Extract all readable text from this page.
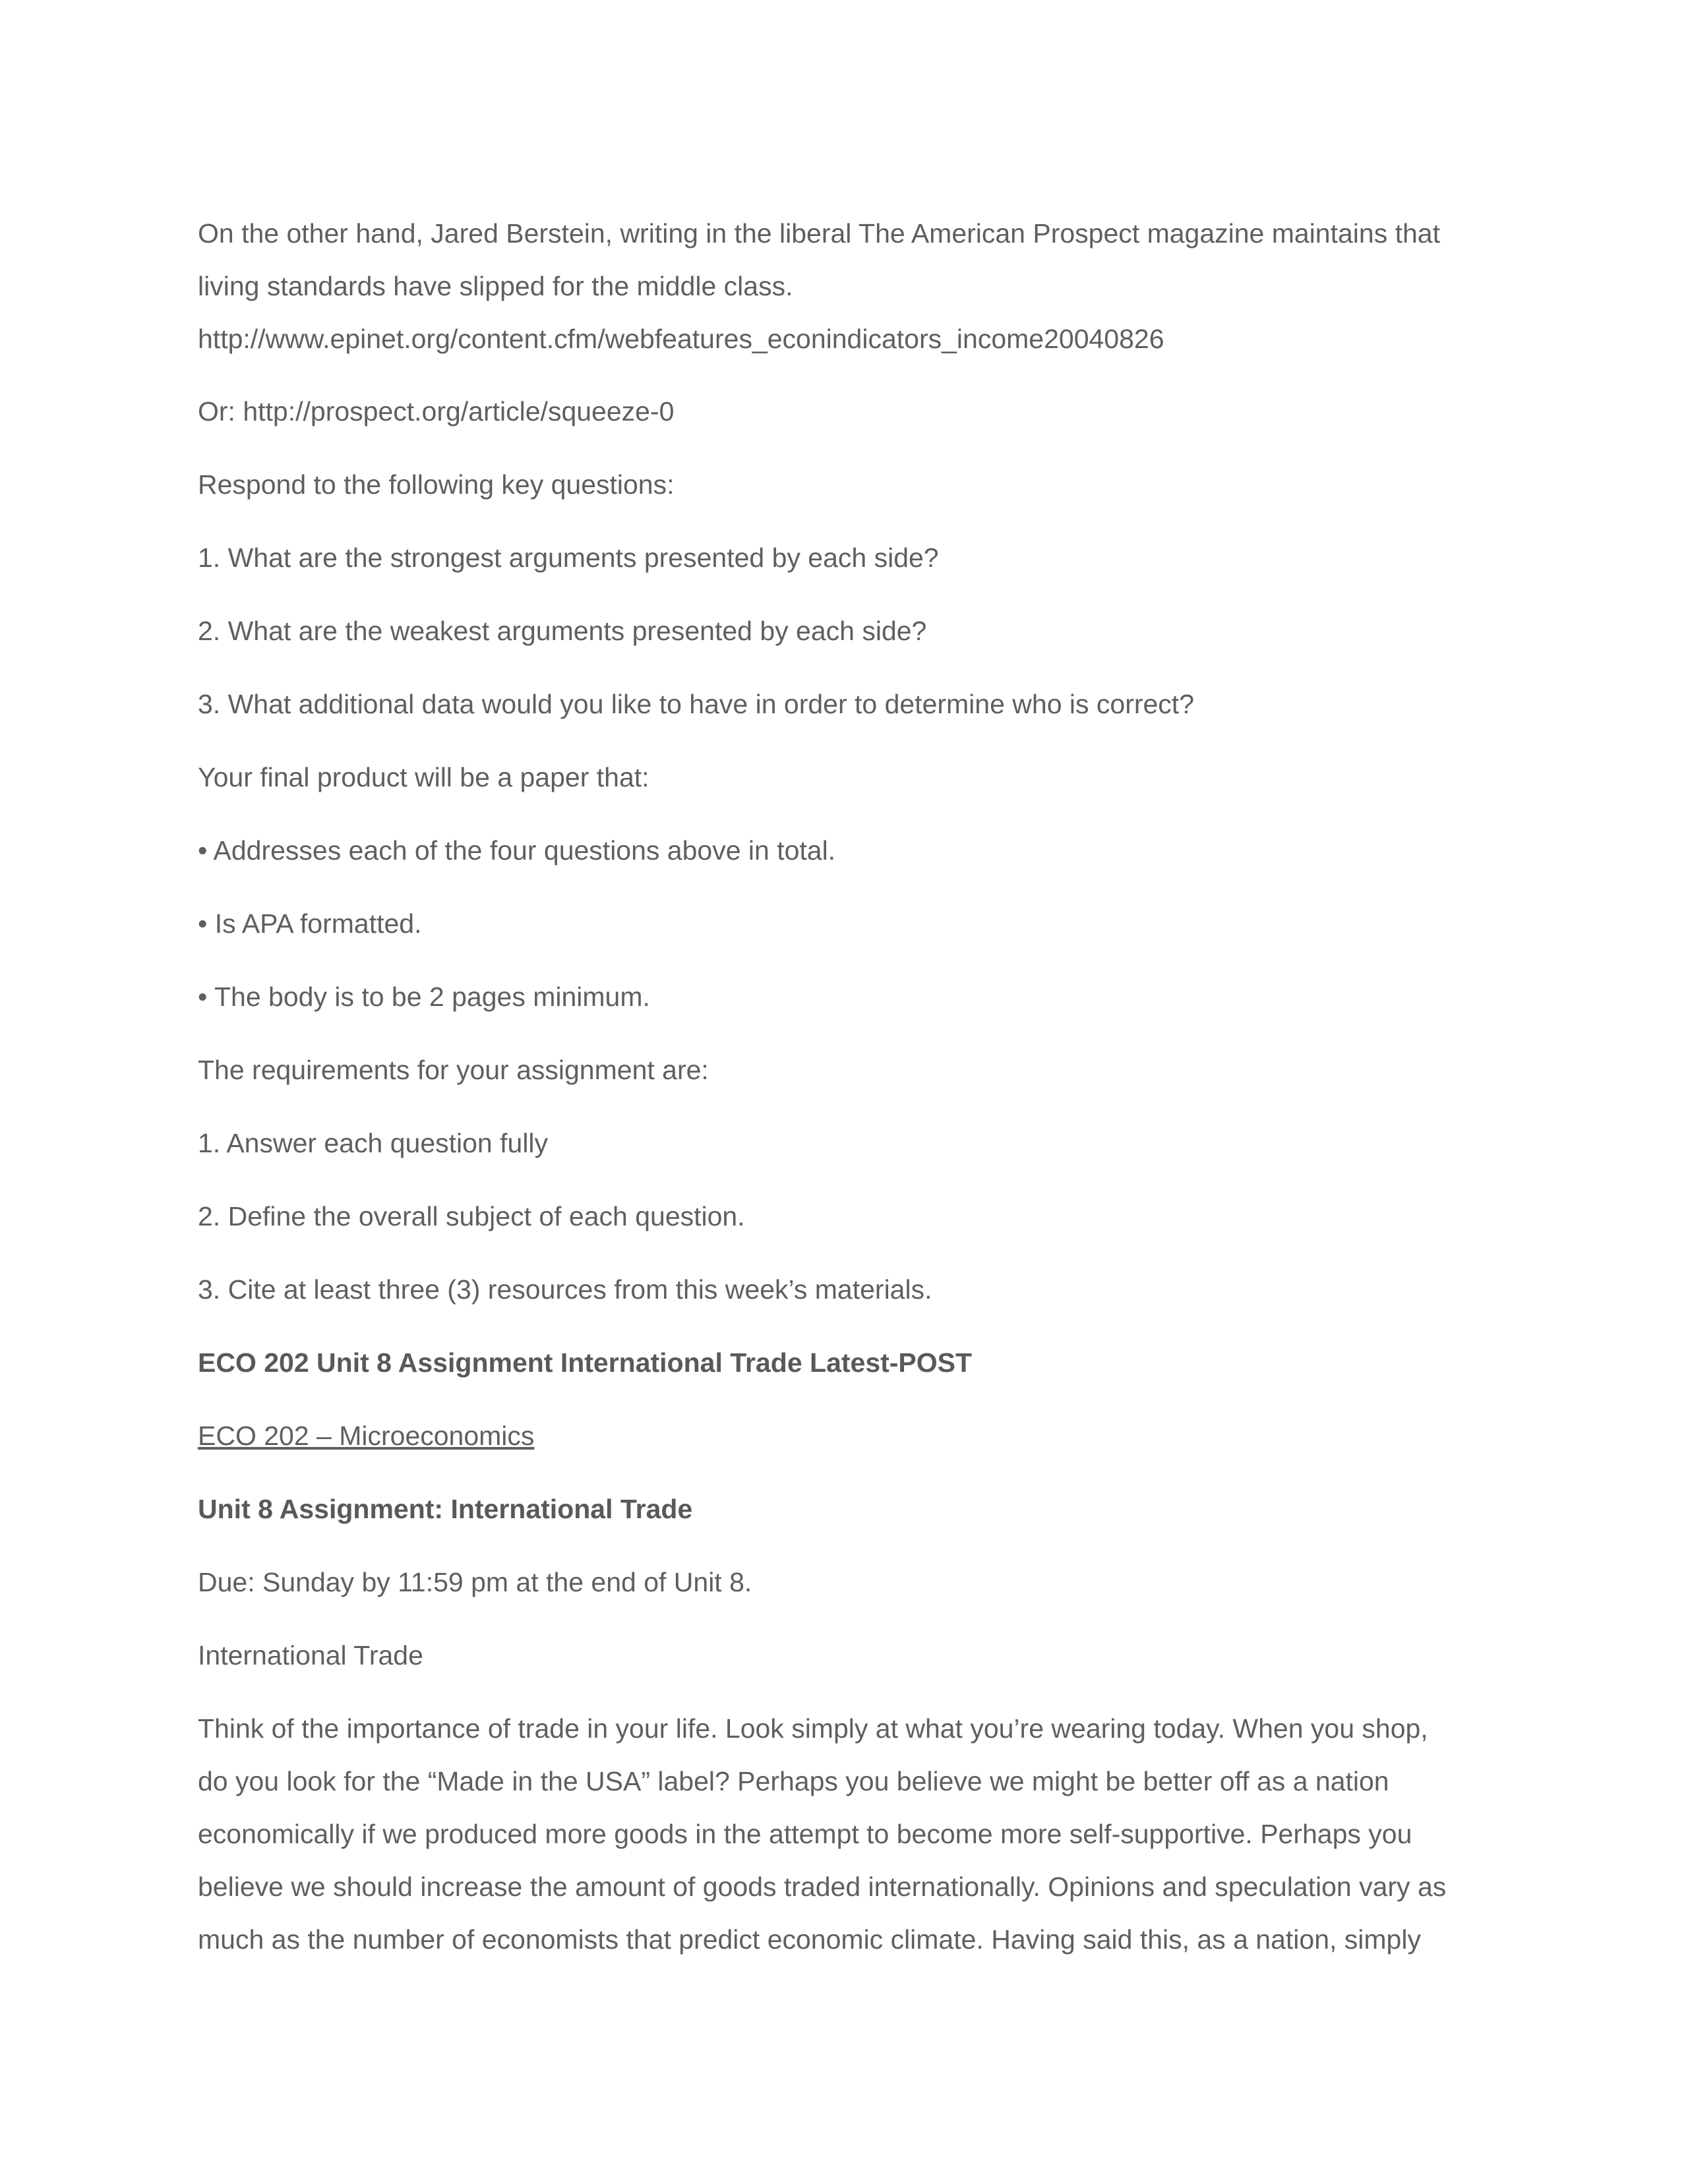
On the other hand, Jared Berstein, writing in the liberal The American Prospect magazine maintains that
living standards have slipped for the middle class.
http://www.epinet.org/content.cfm/webfeatures_econindicators_income20040826
Or: http://prospect.org/article/squeeze-0
Respond to the following key questions:
1. What are the strongest arguments presented by each side?
2. What are the weakest arguments presented by each side?
3. What additional data would you like to have in order to determine who is correct?
Your final product will be a paper that:
• Addresses each of the four questions above in total.
• Is APA formatted.
• The body is to be 2 pages minimum.
The requirements for your assignment are:
1. Answer each question fully
2. Define the overall subject of each question.
3. Cite at least three (3) resources from this week’s materials.
ECO 202 Unit 8 Assignment International Trade Latest-POST
ECO 202 – Microeconomics
Unit 8 Assignment: International Trade
Due: Sunday by 11:59 pm at the end of Unit 8.
International Trade
Think of the importance of trade in your life. Look simply at what you’re wearing today. When you shop,
do you look for the “Made in the USA” label? Perhaps you believe we might be better off as a nation
economically if we produced more goods in the attempt to become more self-supportive. Perhaps you
believe we should increase the amount of goods traded internationally. Opinions and speculation vary as
much as the number of economists that predict economic climate. Having said this, as a nation, simply
